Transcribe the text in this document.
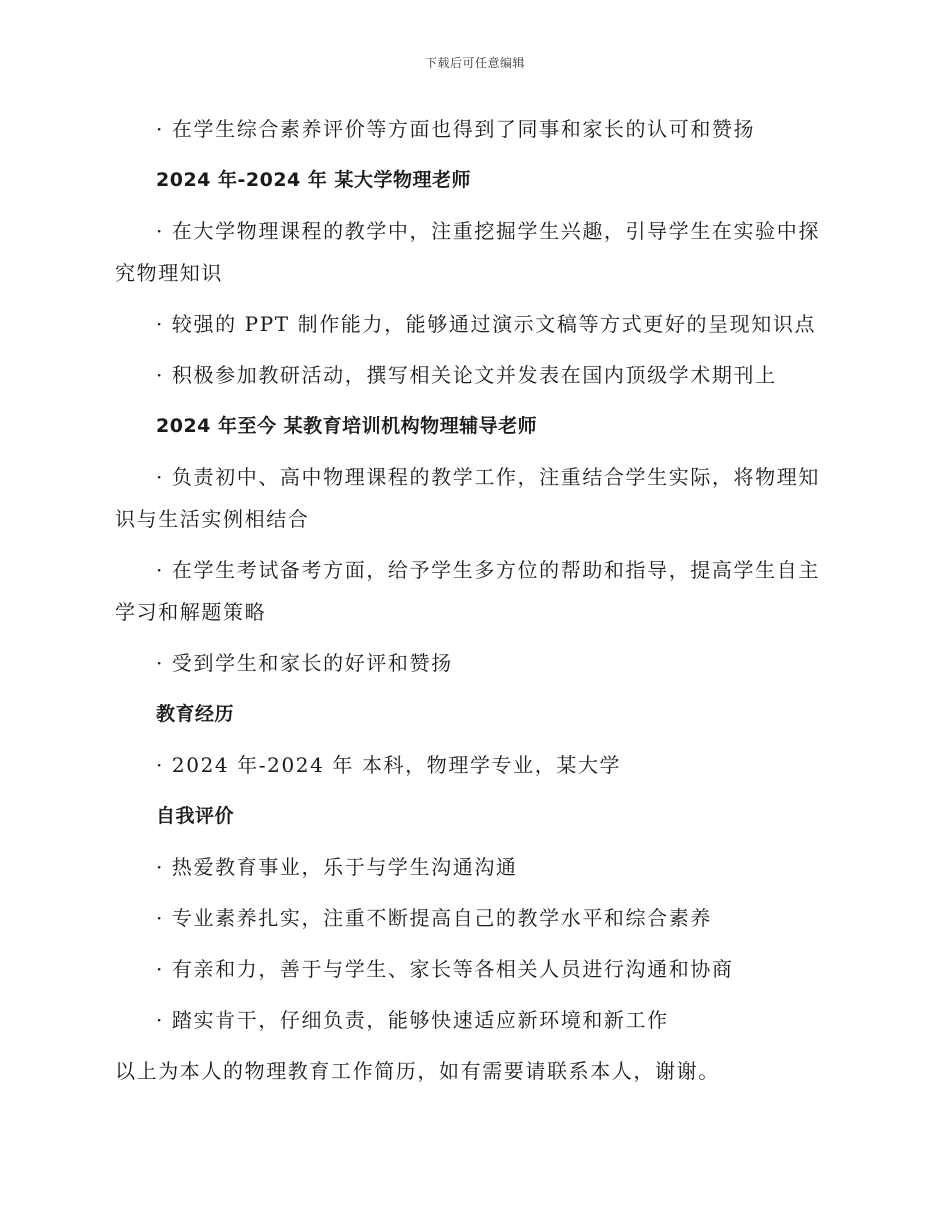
下载后可任意编辑

· 在学生综合素养评价等方面也得到了同事和家长的认可和赞扬

2024 年-2024 年 某大学物理老师

· 在大学物理课程的教学中，注重挖掘学生兴趣，引导学生在实验中探究物理知识

· 较强的 PPT 制作能力，能够通过演示文稿等方式更好的呈现知识点

· 积极参加教研活动，撰写相关论文并发表在国内顶级学术期刊上

2024 年至今 某教育培训机构物理辅导老师

· 负责初中、高中物理课程的教学工作，注重结合学生实际，将物理知识与生活实例相结合

· 在学生考试备考方面，给予学生多方位的帮助和指导，提高学生自主学习和解题策略

· 受到学生和家长的好评和赞扬

教育经历

· 2024 年-2024 年 本科，物理学专业，某大学

自我评价

· 热爱教育事业，乐于与学生沟通沟通

· 专业素养扎实，注重不断提高自己的教学水平和综合素养

· 有亲和力，善于与学生、家长等各相关人员进行沟通和协商

· 踏实肯干，仔细负责，能够快速适应新环境和新工作

以上为本人的物理教育工作简历，如有需要请联系本人，谢谢。
